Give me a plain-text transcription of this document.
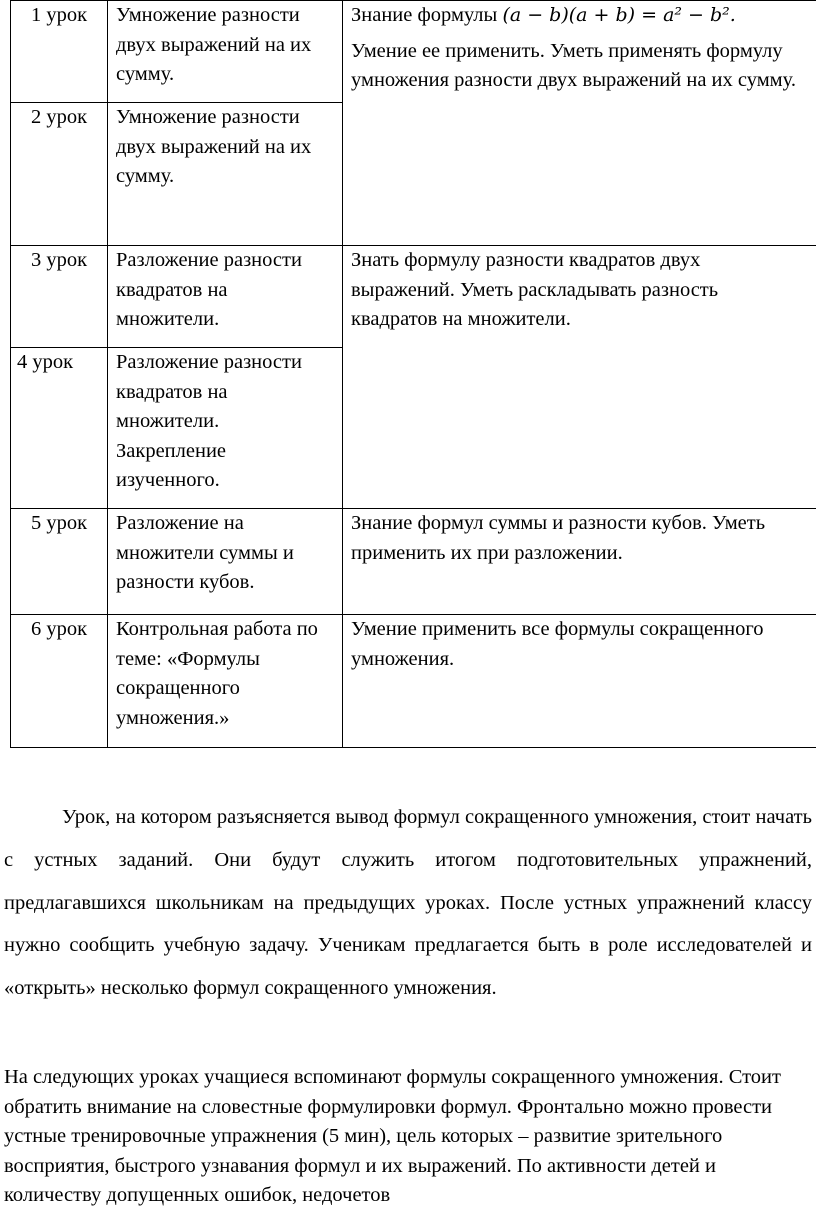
1 урок	Умножение разности двух выражений на их сумму.	Знание формулы (a − b)(a + b) = a² − b².
Умение ее применить. Уметь применять формулу умножения разности двух выражений на их сумму.

2 урок	Умножение разности двух выражений на их сумму.	
3 урок	Разложение разности квадратов на множители.	Знать формулу разности квадратов двух выражений. Уметь раскладывать разность квадратов на множители.
4 урок	Разложение разности квадратов на множители. Закрепление изученного.	
5 урок	Разложение на множители суммы и разности кубов.	Знание формул суммы и разности кубов. Уметь применить их при разложении.
6 урок	Контрольная работа по теме: «Формулы сокращенного умножения.»	Умение применить все формулы сокращенного умножения.

Урок, на котором разъясняется вывод формул сокращенного умножения, стоит начать с устных заданий. Они будут служить итогом подготовительных упражнений, предлагавшихся школьникам на предыдущих уроках. После устных упражнений классу нужно сообщить учебную задачу. Ученикам предлагается быть в роле исследователей и «открыть» несколько формул сокращенного умножения.

На следующих уроках учащиеся вспоминают формулы сокращенного умножения. Стоит обратить внимание на словестные формулировки формул. Фронтально можно провести устные тренировочные упражнения (5 мин), цель которых – развитие зрительного восприятия, быстрого узнавания формул и их выражений. По активности детей и количеству допущенных ошибок, недочетов
